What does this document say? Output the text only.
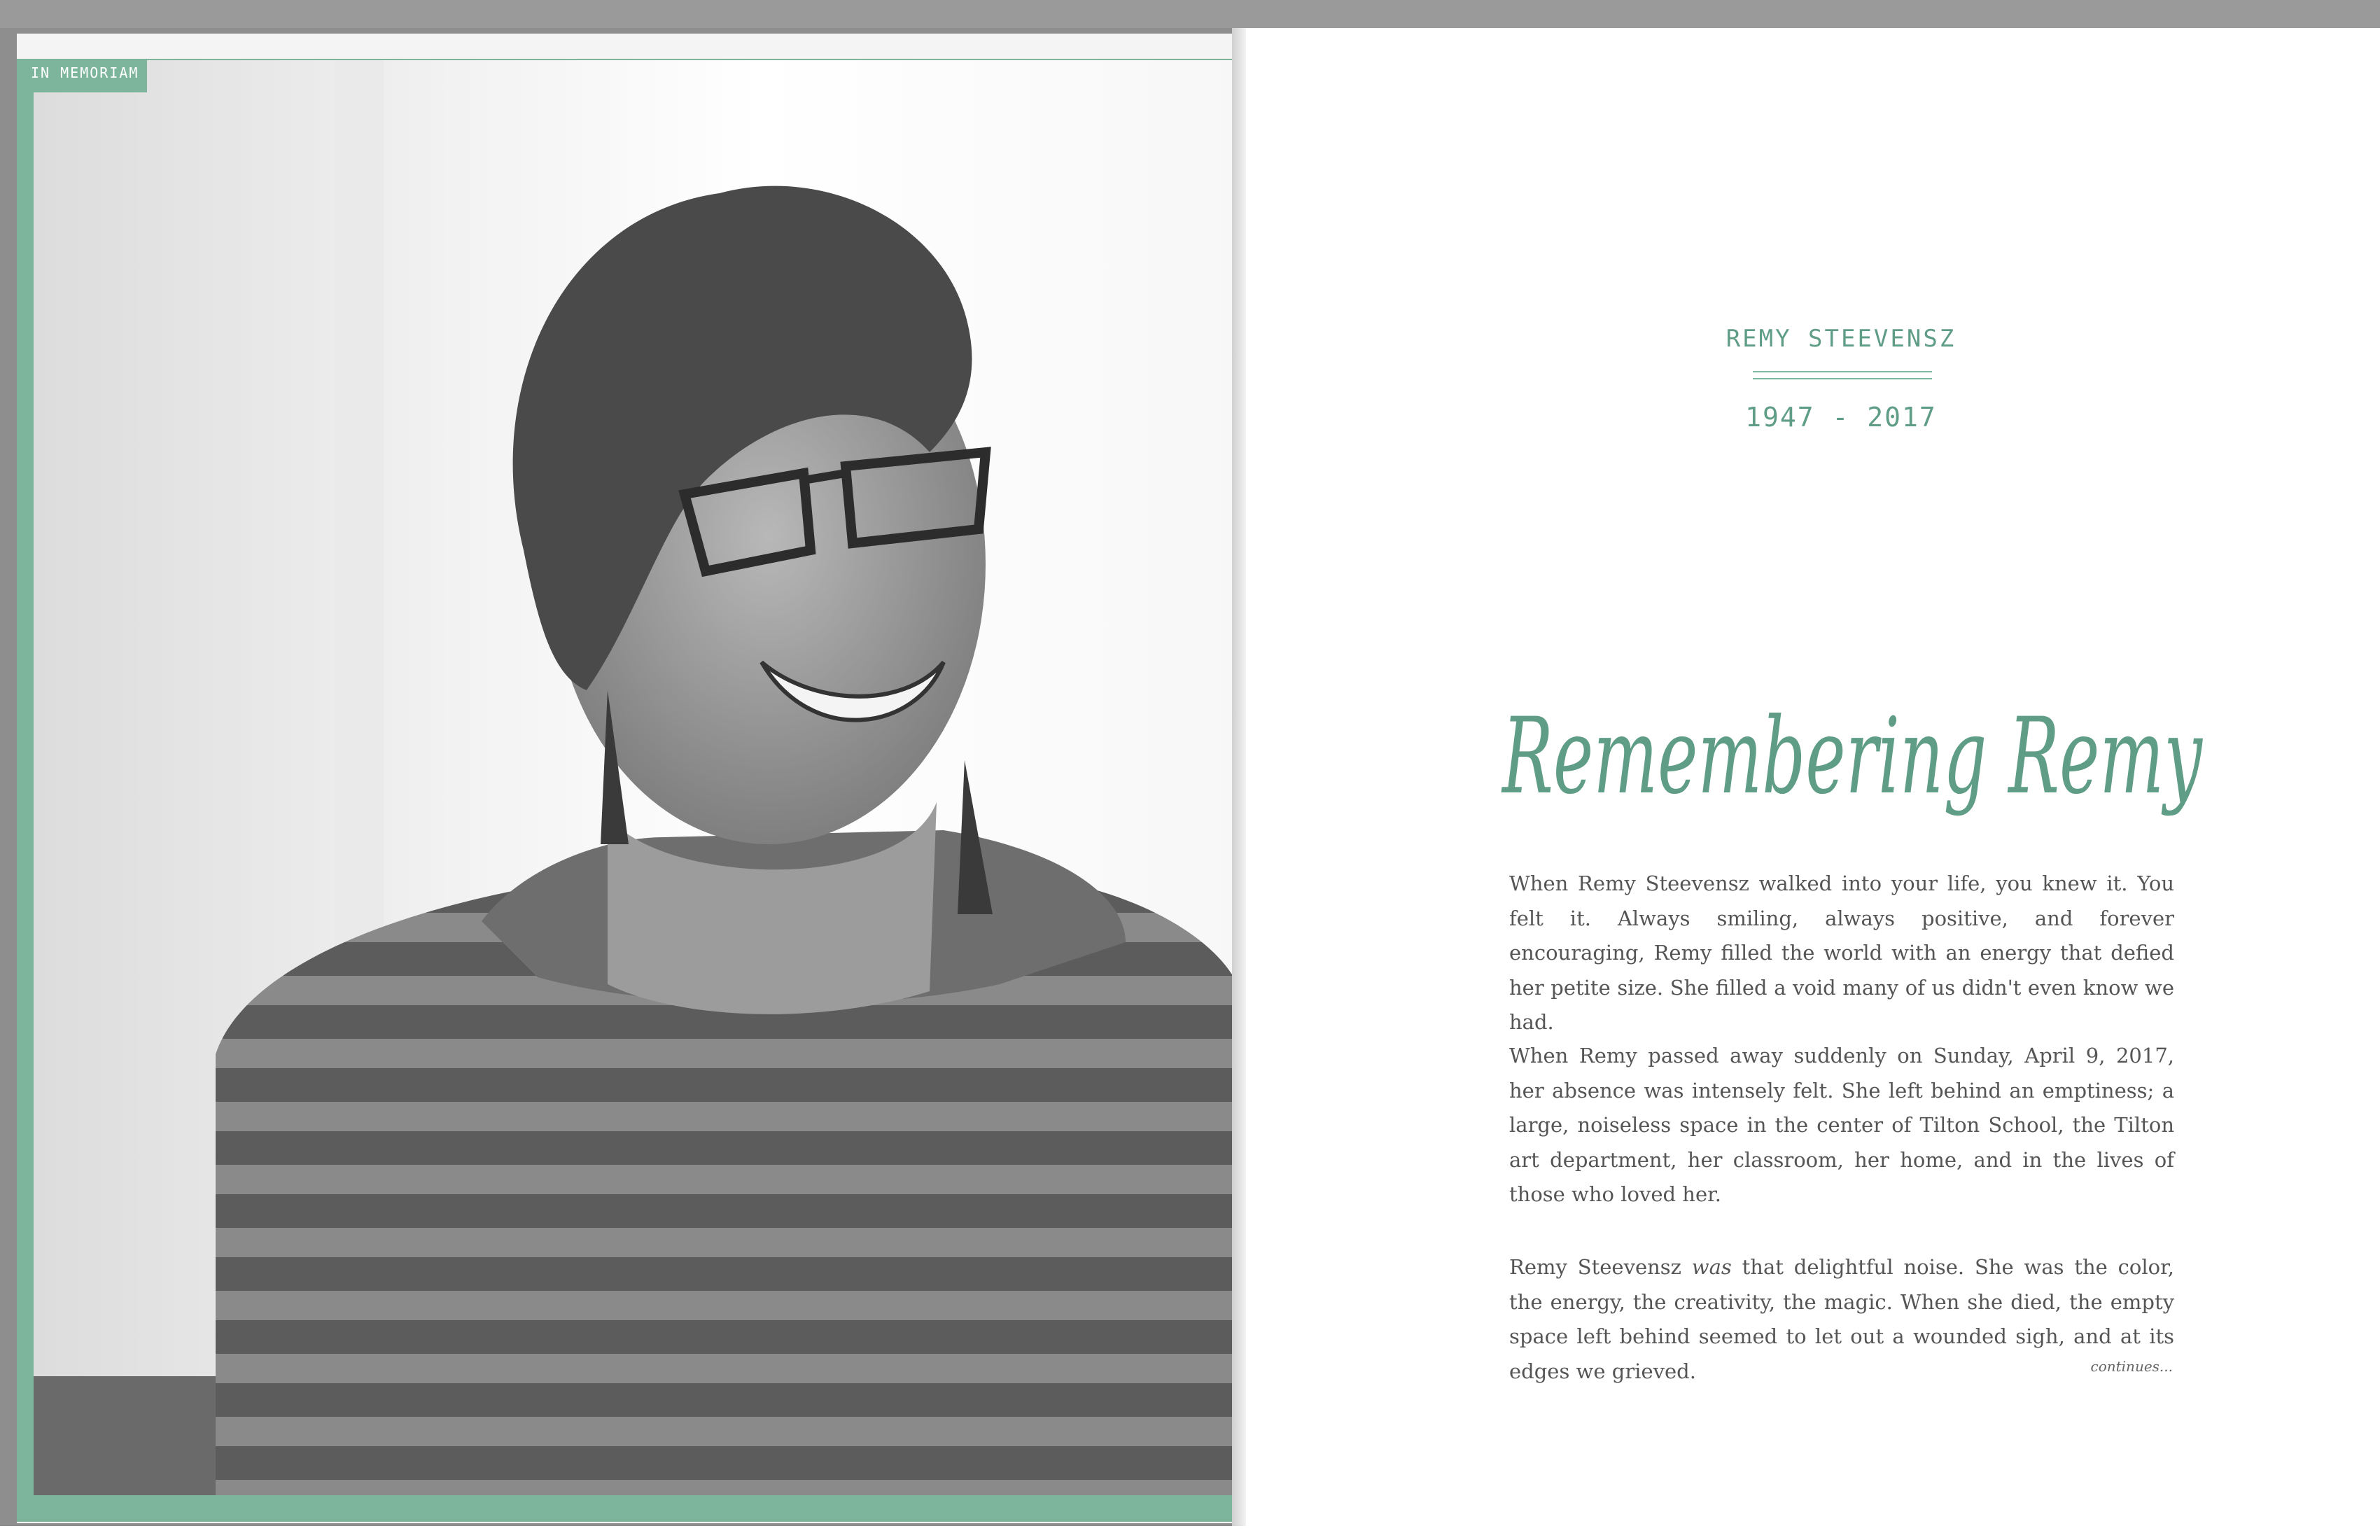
IN MEMORIAM
REMY STEEVENSZ
1947 - 2017
Remembering Remy

When Remy Steevensz walked into your life, you knew it. You felt it. Always smiling, always positive, and forever encouraging, Remy filled the world with an energy that defied her petite size. She filled a void many of us didn't even know we had.

When Remy passed away suddenly on Sunday, April 9, 2017, her absence was intensely felt. She left behind an emptiness; a large, noiseless space in the center of Tilton School, the Tilton art department, her classroom, her home, and in the lives of those who loved her.

Remy Steevensz was that delightful noise. She was the color, the energy, the creativity, the magic. When she died, the empty space left behind seemed to let out a wounded sigh, and at its edges we grieved.	continues...
